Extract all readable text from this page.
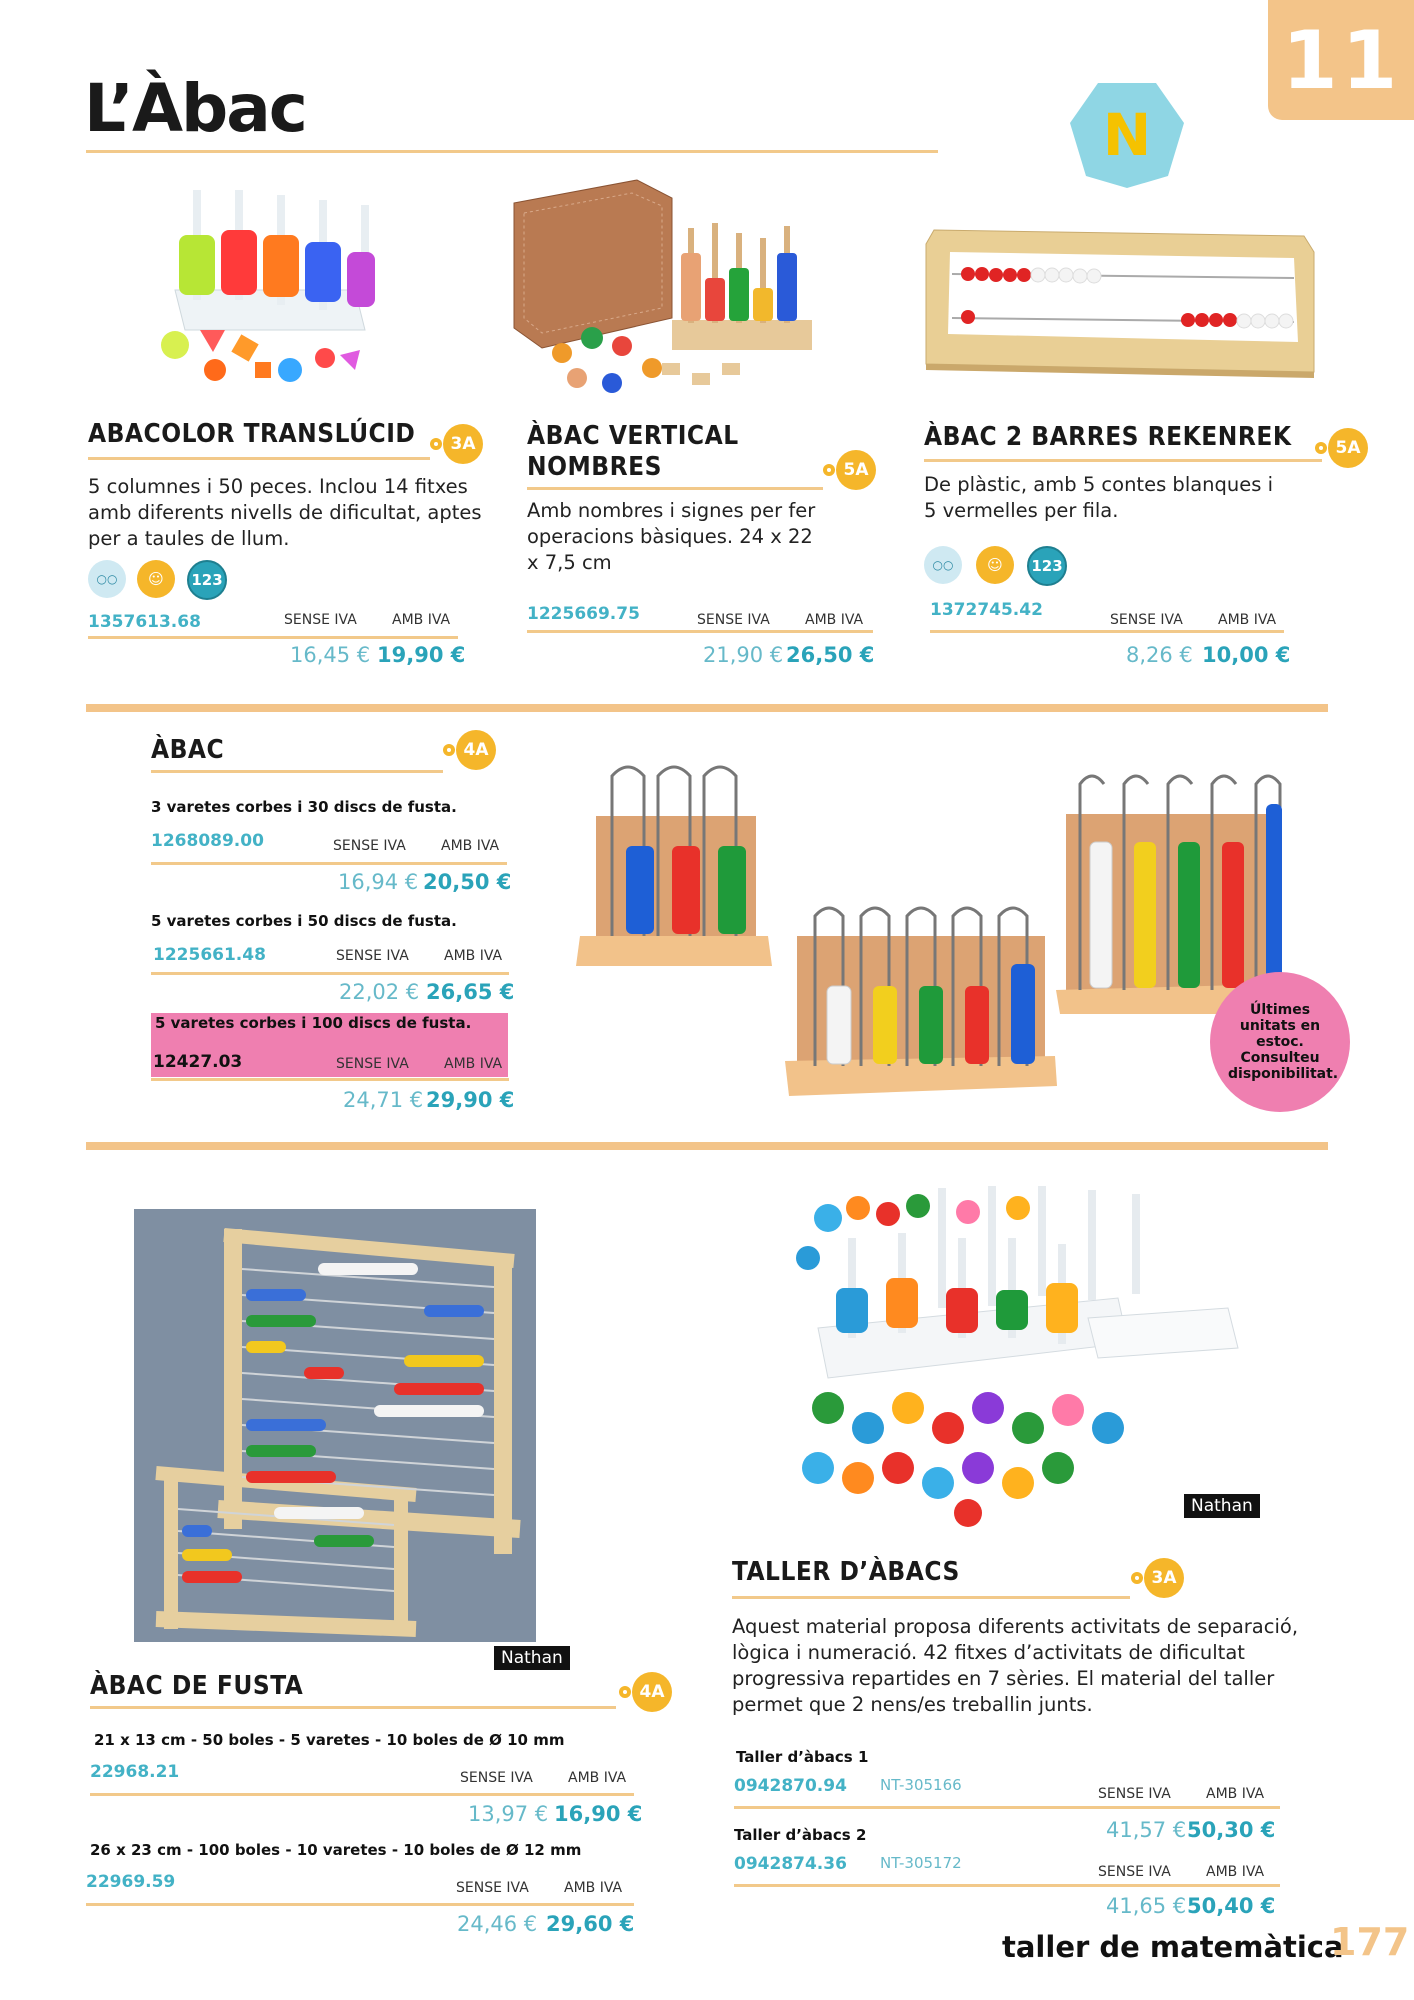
11
L’Àbac	N
ABACOLOR TRANSLÚCID	3A
5 columnes i 50 peces. Inclou 14 fitxes amb diferents nivells de dificultat, aptes per a taules de llum.
○○	☺	123
1357613.68	SENSE IVA	AMB IVA
16,45 € 19,90 €
ÀBAC VERTICAL
NOMBRES	5A
Amb nombres i signes per fer operacions bàsiques. 24 x 22 x 7,5 cm
1225669.75	SENSE IVA	AMB IVA
21,90 € 26,50 €
ÀBAC 2 BARRES REKENREK	5A
De plàstic, amb 5 contes blanques i 5 vermelles per fila.
○○	☺	123
1372745.42	SENSE IVA	AMB IVA
8,26 € 10,00 €
ÀBAC	4A
3 varetes corbes i 30 discs de fusta.
1268089.00	SENSE IVA	AMB IVA
16,94 € 20,50 €
5 varetes corbes i 50 discs de fusta.
1225661.48	SENSE IVA	AMB IVA
22,02 € 26,65 €
5 varetes corbes i 100 discs de fusta.
12427.03	SENSE IVA	AMB IVA
24,71 € 29,90 €
Últimes unitats en estoc. Consulteu disponibilitat.
Nathan
ÀBAC DE FUSTA	4A
21 x 13 cm - 50 boles - 5 varetes - 10 boles de Ø 10 mm
22968.21	SENSE IVA	AMB IVA
13,97 € 16,90 €
26 x 23 cm - 100 boles - 10 varetes - 10 boles de Ø 12 mm
22969.59	SENSE IVA	AMB IVA
24,46 € 29,60 €
Nathan
TALLER D’ÀBACS	3A
Aquest material proposa diferents activitats de separació, lògica i numeració. 42 fitxes d’activitats de dificultat progressiva repartides en 7 sèries. El material del taller permet que 2 nens/es treballin junts.
Taller d’àbacs 1
0942870.94 NT-305166	SENSE IVA	AMB IVA
41,57 € 50,30 €
Taller d’àbacs 2
0942874.36 NT-305172	SENSE IVA	AMB IVA
41,65 € 50,40 €
taller de matemàtica
177
